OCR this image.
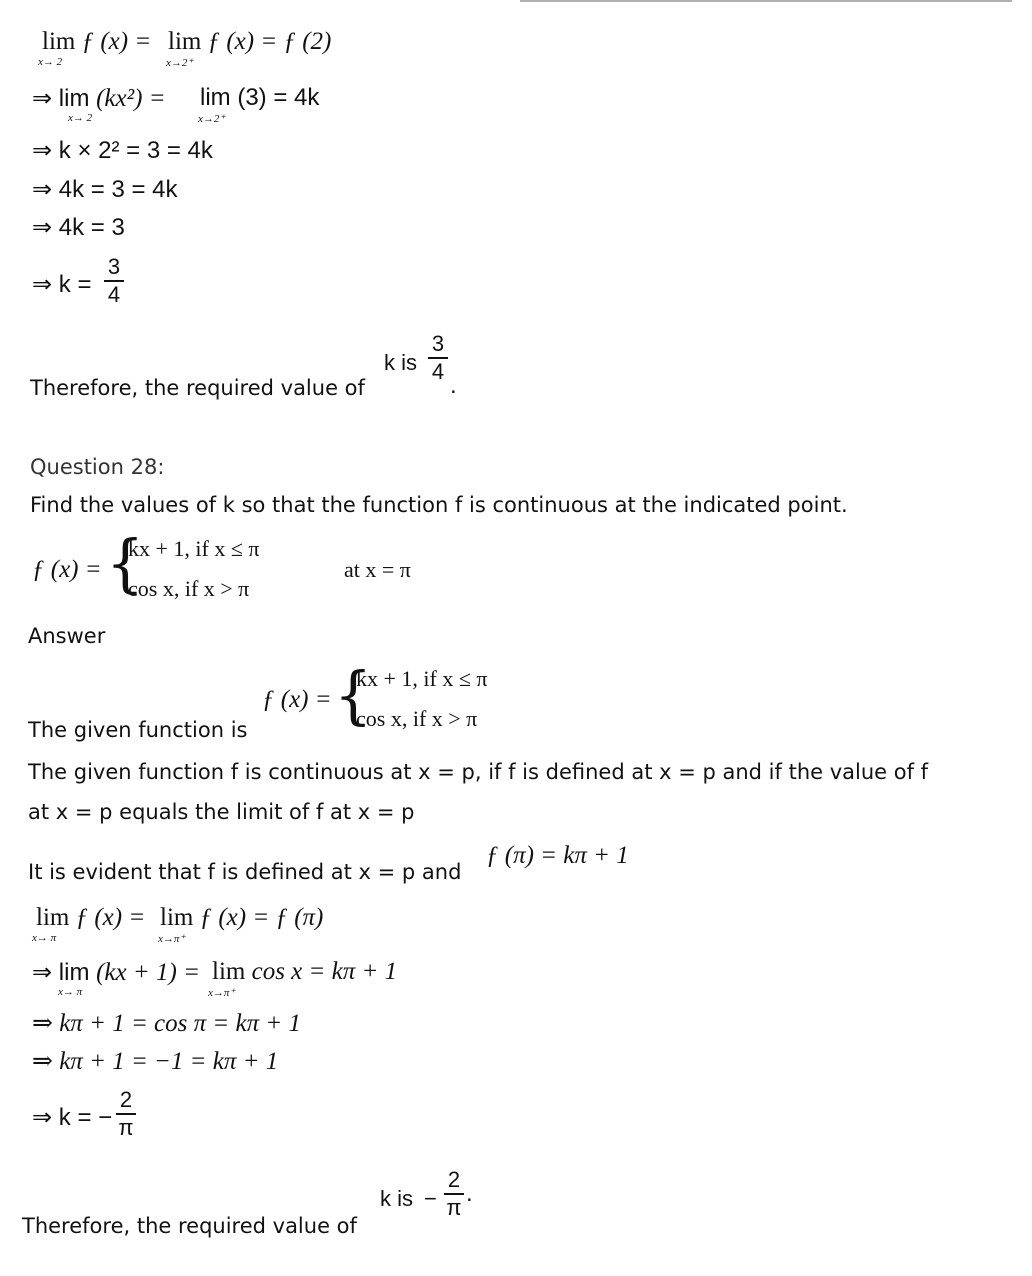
lim ƒ (x) =
x→ 2
lim ƒ (x) = ƒ (2)
x→2⁺
⇒ lim (kx²) =
x→ 2
lim (3) = 4k
x→2⁺
⇒ k × 2² = 3 = 4k
⇒ 4k = 3 = 4k
⇒ 4k = 3
⇒ k =
3
4
Therefore, the required value of
k is
3
4
.
Question 28:
Find the values of k so that the function f is continuous at the indicated point.
ƒ (x) = {
kx + 1, if x ≤ π
cos x, if x > π
at x = π
Answer
The given function is
ƒ (x) = {
kx + 1, if x ≤ π
cos x, if x > π
The given function f is continuous at x = p, if f is defined at x = p and if the value of f
at x = p equals the limit of f at x = p
It is evident that f is defined at x = p and
ƒ (π) = kπ + 1
lim ƒ (x) =
x→ π
lim ƒ (x) = ƒ (π)
x→π⁺
⇒ lim (kx + 1) =
x→ π
lim cos x = kπ + 1
x→π⁺
⇒ kπ + 1 = cos π = kπ + 1
⇒ kπ + 1 = −1 = kπ + 1
⇒ k = −
2
π
Therefore, the required value of
k is −
2
π
.
